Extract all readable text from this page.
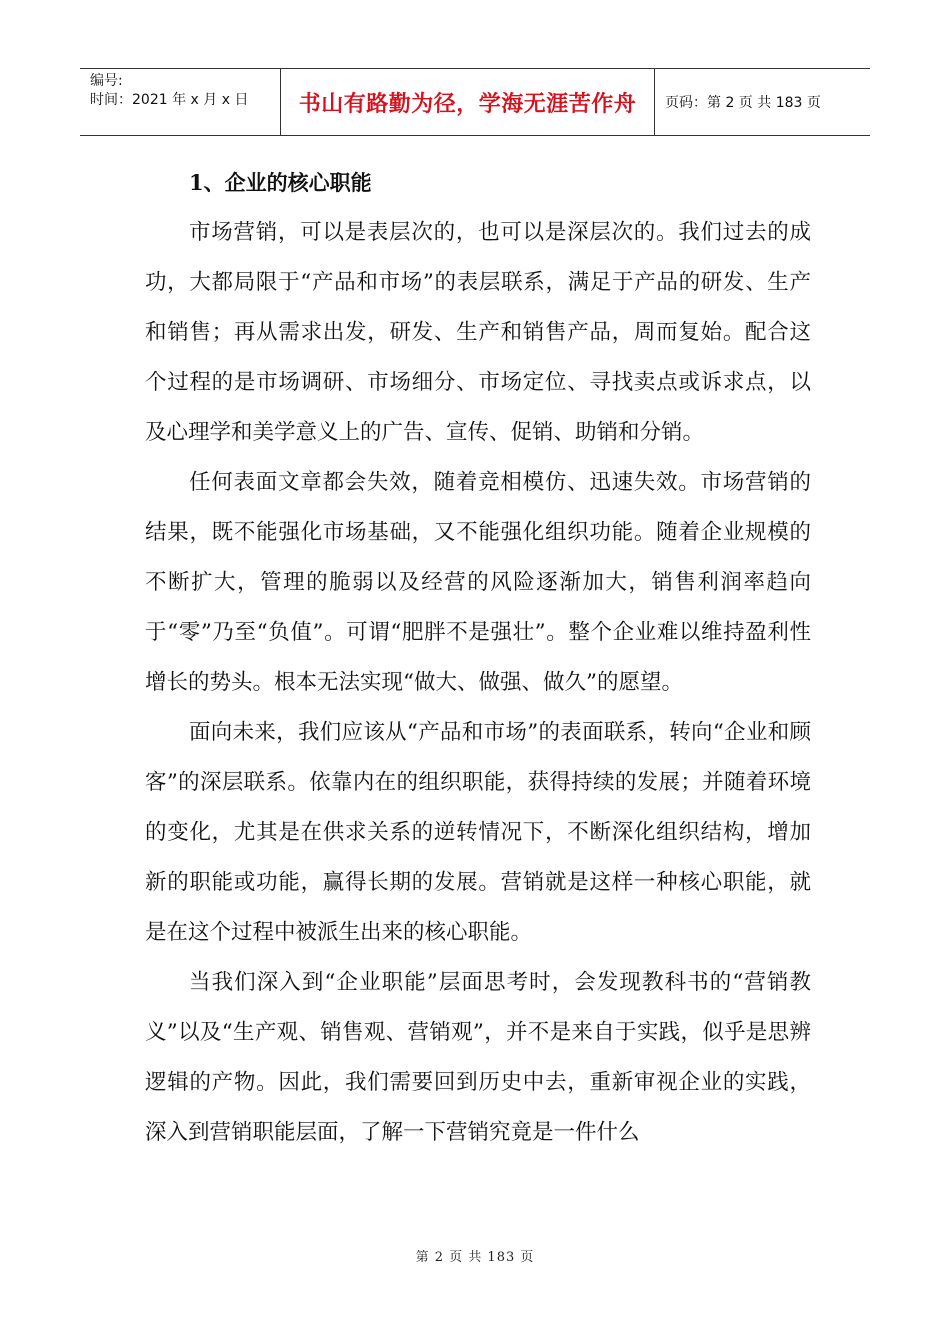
编号:
时间：2021 年 x 月 x 日	书山有路勤为径，学海无涯苦作舟	页码：第 2 页 共 183 页

1、企业的核心职能

市场营销，可以是表层次的，也可以是深层次的。我们过去的成功，大都局限于“产品和市场”的表层联系，满足于产品的研发、生产和销售；再从需求出发，研发、生产和销售产品，周而复始。配合这个过程的是市场调研、市场细分、市场定位、寻找卖点或诉求点，以及心理学和美学意义上的广告、宣传、促销、助销和分销。

任何表面文章都会失效，随着竞相模仿、迅速失效。市场营销的结果，既不能强化市场基础，又不能强化组织功能。随着企业规模的不断扩大，管理的脆弱以及经营的风险逐渐加大，销售利润率趋向于“零”乃至“负值”。可谓“肥胖不是强壮”。整个企业难以维持盈利性增长的势头。根本无法实现“做大、做强、做久”的愿望。

面向未来，我们应该从“产品和市场”的表面联系，转向“企业和顾客”的深层联系。依靠内在的组织职能，获得持续的发展；并随着环境的变化，尤其是在供求关系的逆转情况下，不断深化组织结构，增加新的职能或功能，赢得长期的发展。营销就是这样一种核心职能，就是在这个过程中被派生出来的核心职能。

当我们深入到“企业职能”层面思考时，会发现教科书的“营销教义”以及“生产观、销售观、营销观”，并不是来自于实践，似乎是思辨逻辑的产物。因此，我们需要回到历史中去，重新审视企业的实践，深入到营销职能层面，了解一下营销究竟是一件什么

第 2 页 共 183 页
